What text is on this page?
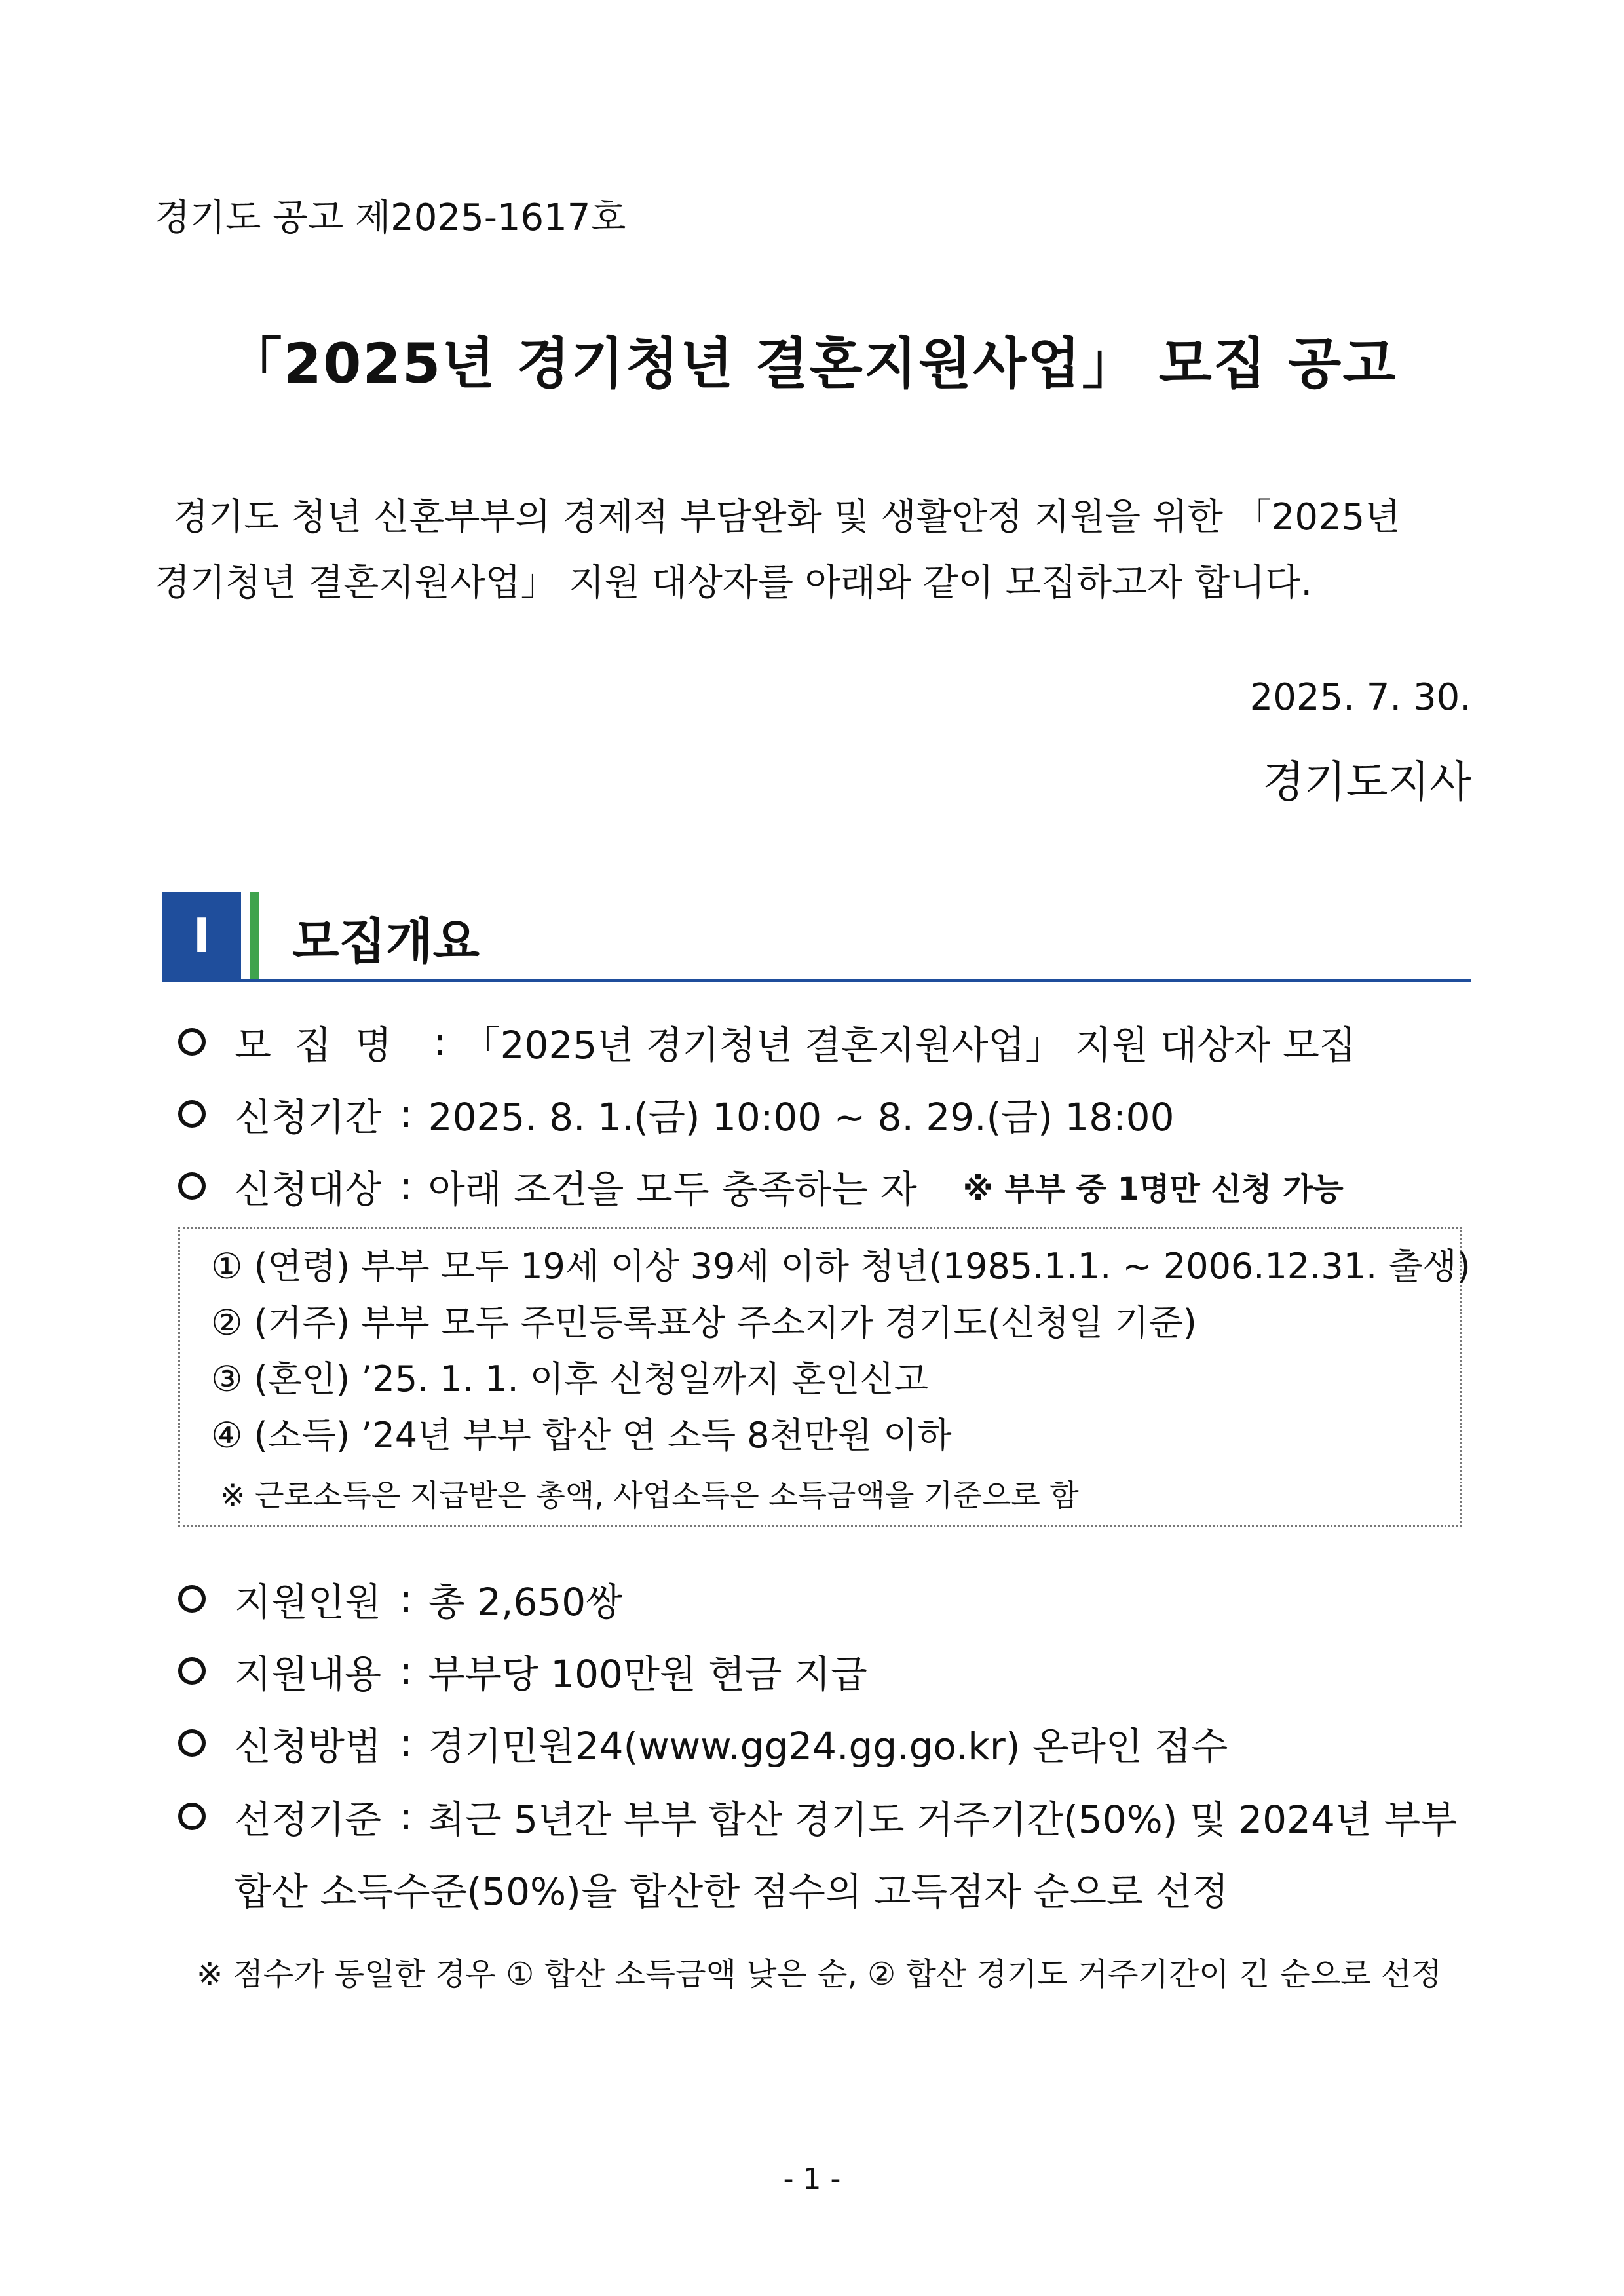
경기도 공고 제2025-1617호
「2025년 경기청년 결혼지원사업」 모집 공고

경기도 청년 신혼부부의 경제적 부담완화 및 생활안정 지원을 위한 「2025년

경기청년 결혼지원사업」 지원 대상자를 아래와 같이 모집하고자 합니다.

2025. 7. 30.
경기도지사
I	모집개요
모집명 : 「2025년 경기청년 결혼지원사업」 지원 대상자 모집
신청기간 : 2025. 8. 1.(금) 10:00 ~ 8. 29.(금) 18:00
신청대상 : 아래 조건을 모두 충족하는 자 ※ 부부 중 1명만 신청 가능
① (연령) 부부 모두 19세 이상 39세 이하 청년(1985.1.1. ~ 2006.12.31. 출생)
② (거주) 부부 모두 주민등록표상 주소지가 경기도(신청일 기준)
③ (혼인) ’25. 1. 1. 이후 신청일까지 혼인신고
④ (소득) ’24년 부부 합산 연 소득 8천만원 이하
※ 근로소득은 지급받은 총액, 사업소득은 소득금액을 기준으로 함
지원인원 : 총 2,650쌍
지원내용 : 부부당 100만원 현금 지급
신청방법 : 경기민원24(www.gg24.gg.go.kr) 온라인 접수
선정기준 : 최근 5년간 부부 합산 경기도 거주기간(50%) 및 2024년 부부
합산 소득수준(50%)을 합산한 점수의 고득점자 순으로 선정
※ 점수가 동일한 경우 ① 합산 소득금액 낮은 순, ② 합산 경기도 거주기간이 긴 순으로 선정
- 1 -
